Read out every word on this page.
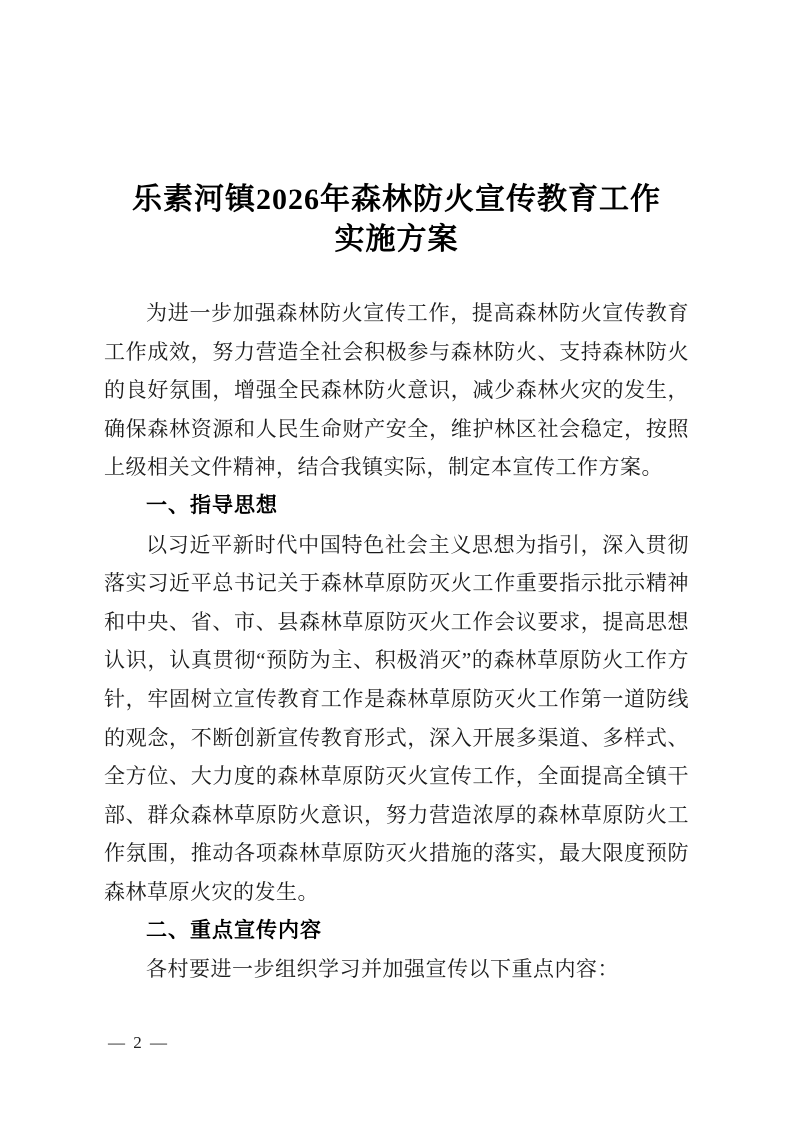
乐素河镇2026年森林防火宣传教育工作
实施方案

为进一步加强森林防火宣传工作，提高森林防火宣传教育工作成效，努力营造全社会积极参与森林防火、支持森林防火的良好氛围，增强全民森林防火意识，减少森林火灾的发生，确保森林资源和人民生命财产安全，维护林区社会稳定，按照上级相关文件精神，结合我镇实际，制定本宣传工作方案。

一、指导思想

以习近平新时代中国特色社会主义思想为指引，深入贯彻落实习近平总书记关于森林草原防灭火工作重要指示批示精神和中央、省、市、县森林草原防灭火工作会议要求，提高思想认识，认真贯彻“预防为主、积极消灭”的森林草原防火工作方针，牢固树立宣传教育工作是森林草原防灭火工作第一道防线的观念，不断创新宣传教育形式，深入开展多渠道、多样式、全方位、大力度的森林草原防灭火宣传工作，全面提高全镇干部、群众森林草原防火意识，努力营造浓厚的森林草原防火工作氛围，推动各项森林草原防灭火措施的落实，最大限度预防森林草原火灾的发生。

二、重点宣传内容

各村要进一步组织学习并加强宣传以下重点内容：

— 2 —
